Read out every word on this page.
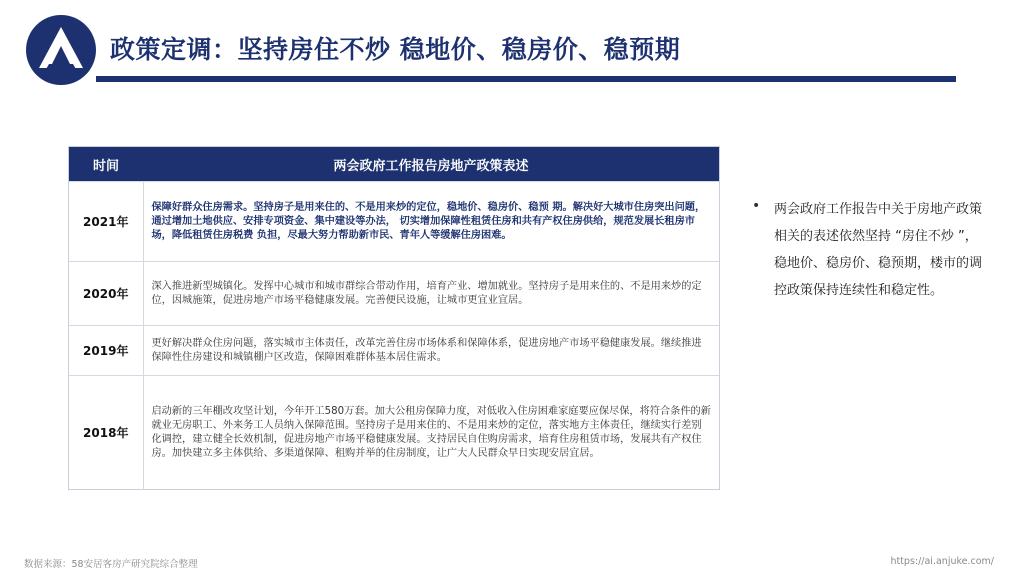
政策定调：坚持房住不炒 稳地价、稳房价、稳预期
时间	两会政府工作报告房地产政策表述
2021年	保障好群众住房需求。坚持房子是用来住的、不是用来炒的定位，稳地价、稳房价、稳预 期。解决好大城市住房突出问题，通过增加土地供应、安排专项资金、集中建设等办法， 切实增加保障性租赁住房和共有产权住房供给，规范发展长租房市场，降低租赁住房税费 负担，尽最大努力帮助新市民、青年人等缓解住房困难。
2020年	深入推进新型城镇化。发挥中心城市和城市群综合带动作用，培育产业、增加就业。坚持房子是用来住的、不是用来炒的定位，因城施策，促进房地产市场平稳健康发展。完善便民设施，让城市更宜业宜居。
2019年	更好解决群众住房问题，落实城市主体责任，改革完善住房市场体系和保障体系，促进房地产市场平稳健康发展。继续推进保障性住房建设和城镇棚户区改造，保障困难群体基本居住需求。
2018年	启动新的三年棚改攻坚计划，今年开工580万套。加大公租房保障力度，对低收入住房困难家庭要应保尽保，将符合条件的新就业无房职工、外来务工人员纳入保障范围。坚持房子是用来住的、不是用来炒的定位，落实地方主体责任，继续实行差别化调控，建立健全长效机制，促进房地产市场平稳健康发展。支持居民自住购房需求，培育住房租赁市场，发展共有产权住房。加快建立多主体供给、多渠道保障、租购并举的住房制度，让广大人民群众早日实现安居宜居。
• 两会政府工作报告中关于房地产政策相关的表述依然坚持 “房住不炒 ”，稳地价、稳房价、稳预期，楼市的调控政策保持连续性和稳定性。
数据来源：58安居客房产研究院综合整理	https://ai.anjuke.com/
